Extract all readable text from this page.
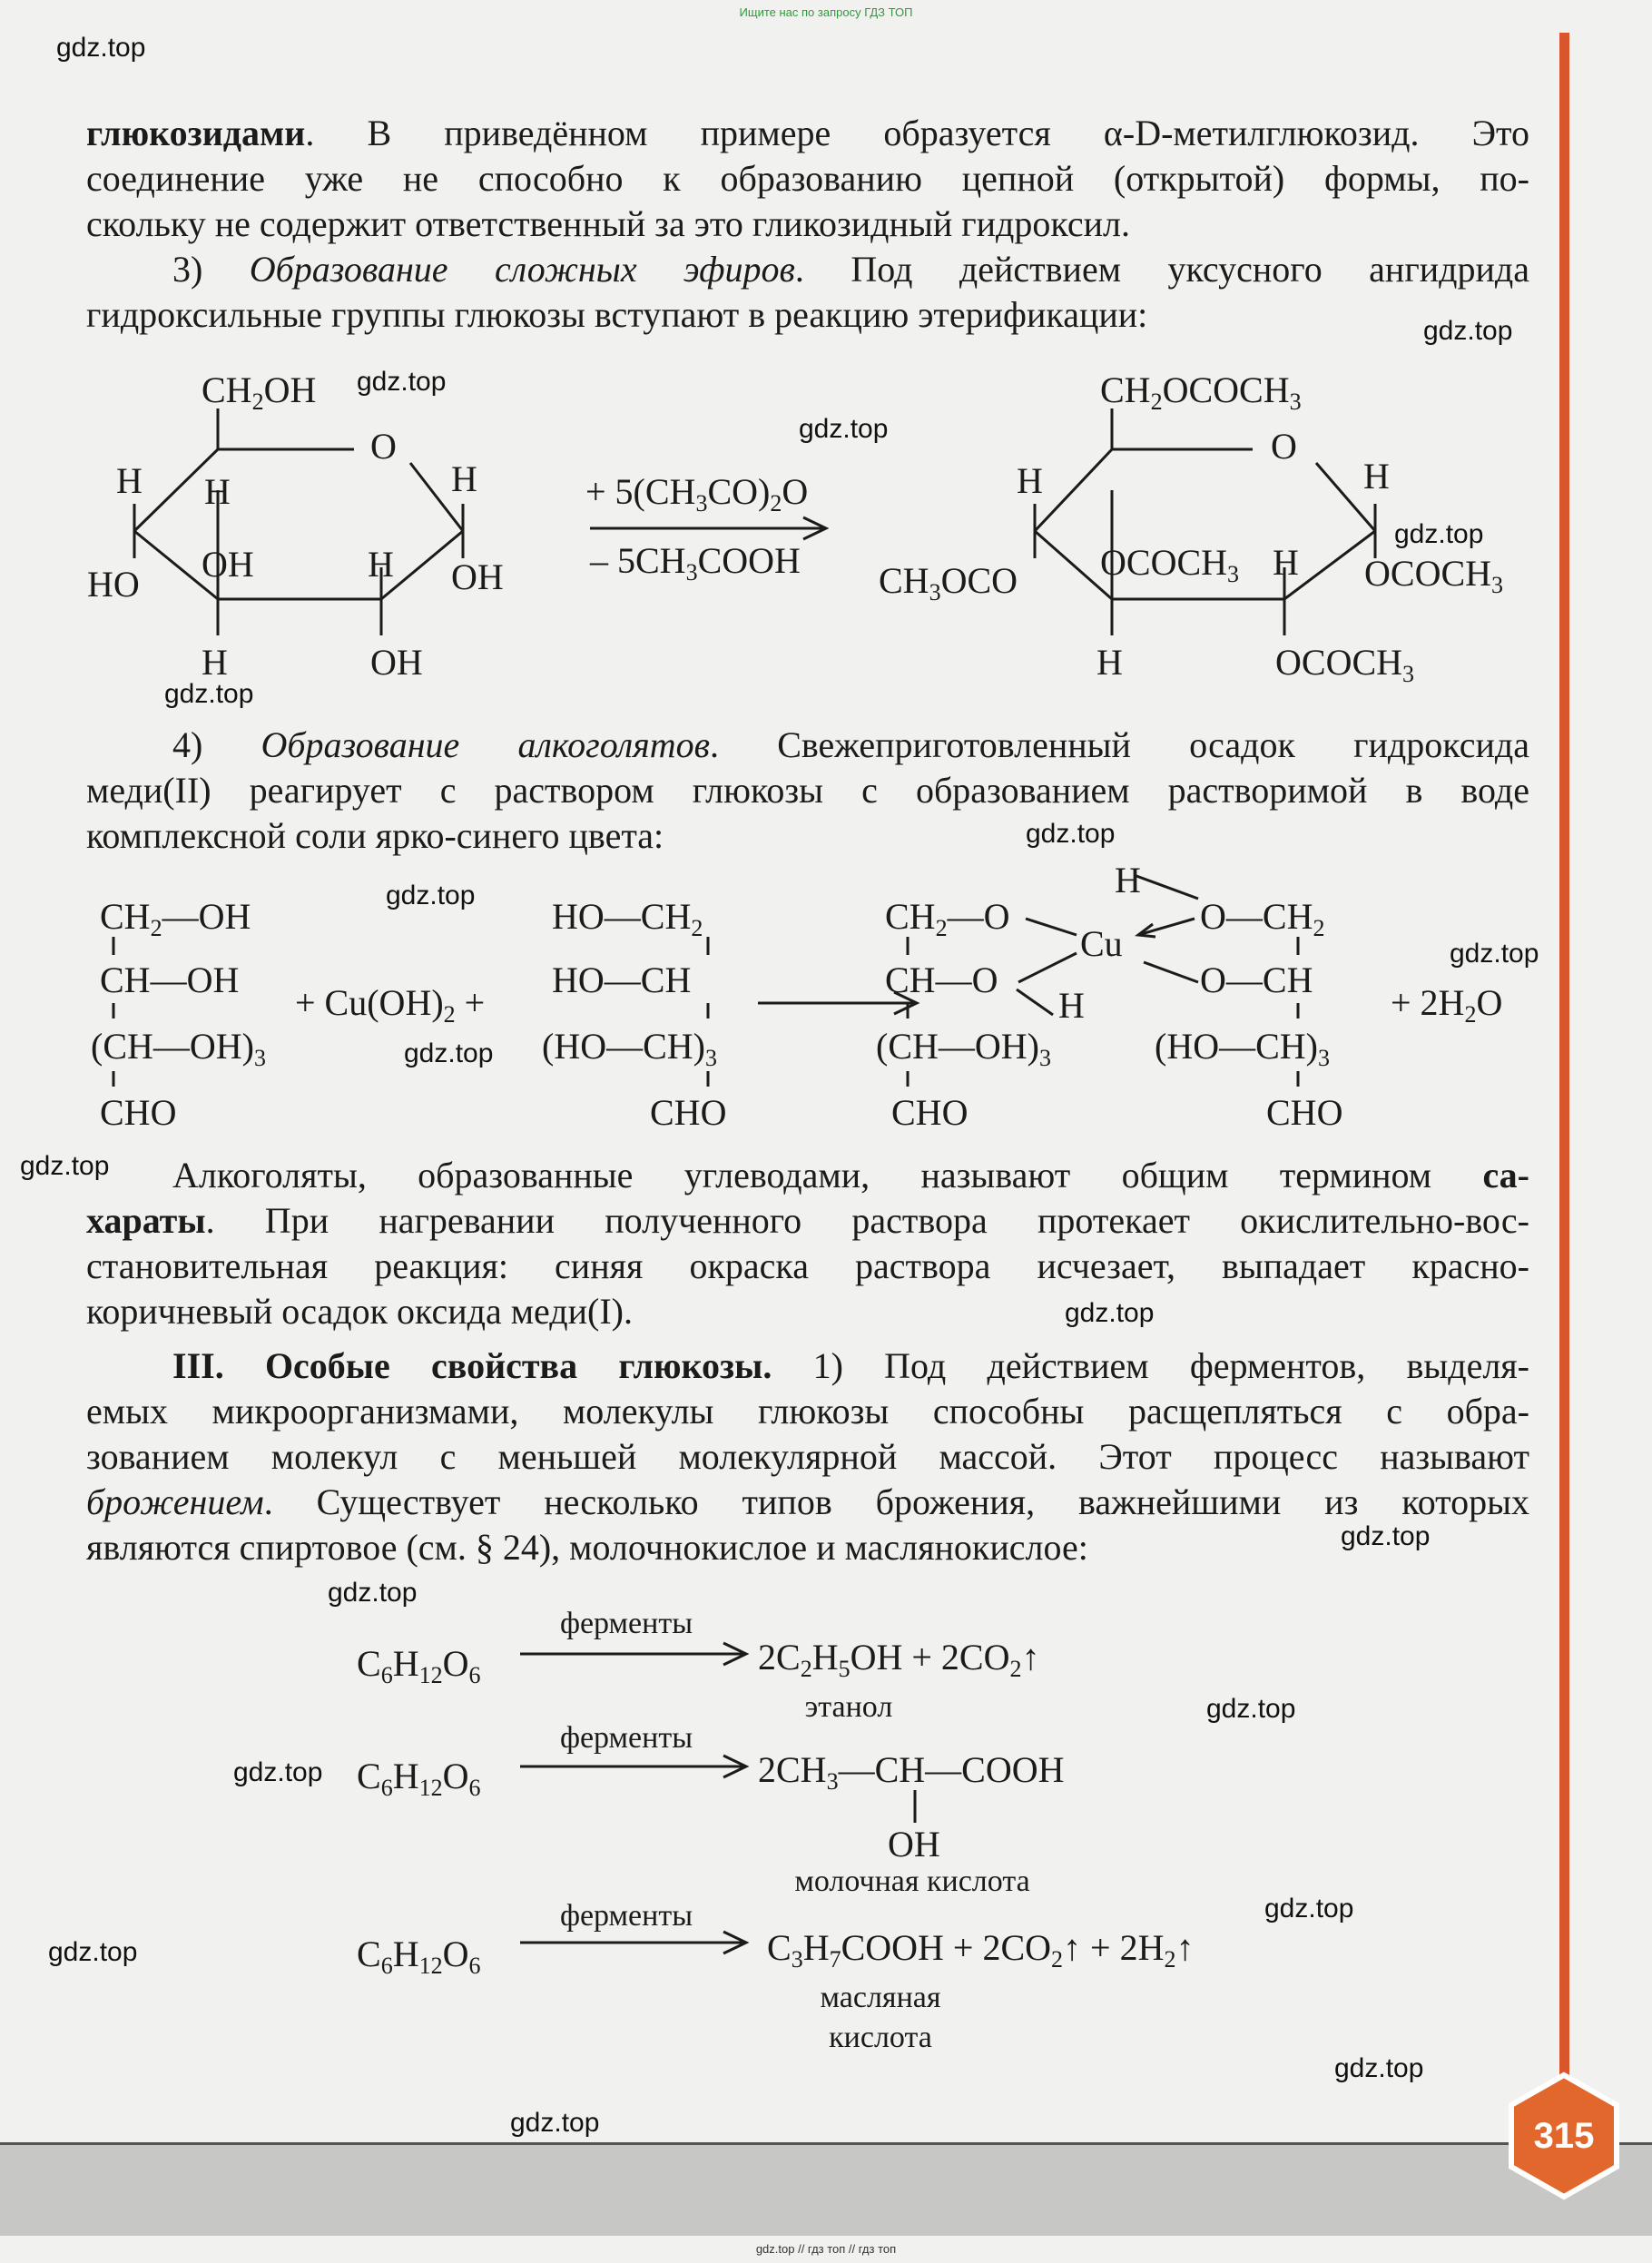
Ищите нас по запросу ГДЗ ТОП
gdz.top // гдз топ // гдз топ
315
gdz.top
gdz.top
gdz.top
gdz.top
gdz.top
gdz.top
gdz.top
gdz.top
gdz.top
gdz.top
gdz.top
gdz.top
gdz.top
gdz.top
gdz.top
gdz.top
gdz.top
gdz.top
gdz.top
gdz.top
глюкозидами. В приведённом примере образуется α-D-метилглюкозид. Это
соединение уже не способно к образованию цепной (открытой) формы, по-
скольку не содержит ответственный за это гликозидный гидроксил.
3) Образование сложных эфиров. Под действием уксусного ангидрида
гидроксильные группы глюкозы вступают в реакцию этерификации:
$CH_2OH$
O
H H	H
HO OH	H OH
H	OH
+ $5(CH_3CO)_2O$
– $5CH_3COOH$
$CH_2OCOCH_3$
O
H	H
$CH_3OCO$ $OCOCH_3$ H $OCOCH_3$
H	$OCOCH_3$
4) Образование алкоголятов. Свежеприготовленный осадок гидроксида
меди(II) реагирует с раствором глюкозы с образованием растворимой в воде
комплексной соли ярко-синего цвета:
$CH_2—OH$
CH—OH
$(CH—OH)_3$
CHO
+ $Cu(OH)_2$ +
$HO—CH_2$
HO—CH
$(HO—CH)_3$
CHO
$CH_2—O$
CH—O
$(CH—OH)_3$
CHO
H
Cu
H
$O—CH_2$
O—CH
$(HO—CH)_3$
CHO
+ $2H_2O$
Алкоголяты, образованные углеводами, называют общим термином са-
хараты. При нагревании полученного раствора протекает окислительно-вос-
становительная реакция: синяя окраска раствора исчезает, выпадает красно-
коричневый осадок оксида меди(I).
III. Особые свойства глюкозы. 1) Под действием ферментов, выделя-
емых микроорганизмами, молекулы глюкозы способны расщепляться с обра-
зованием молекул с меньшей молекулярной массой. Этот процесс называют
брожением. Существует несколько типов брожения, важнейшими из которых
являются спиртовое (см. § 24), молочнокислое и маслянокислое:
$C_6H_{12}O_6$
ферменты
$2C_2H_5OH$ + $2CO_2↑$
этанол
$C_6H_{12}O_6$
ферменты
$2CH_3—CH—COOH$
OH
молочная кислота
$C_6H_{12}O_6$
ферменты
$C_3H_7COOH$ + $2CO_2↑$ + $2H_2↑$
масляная
кислота
